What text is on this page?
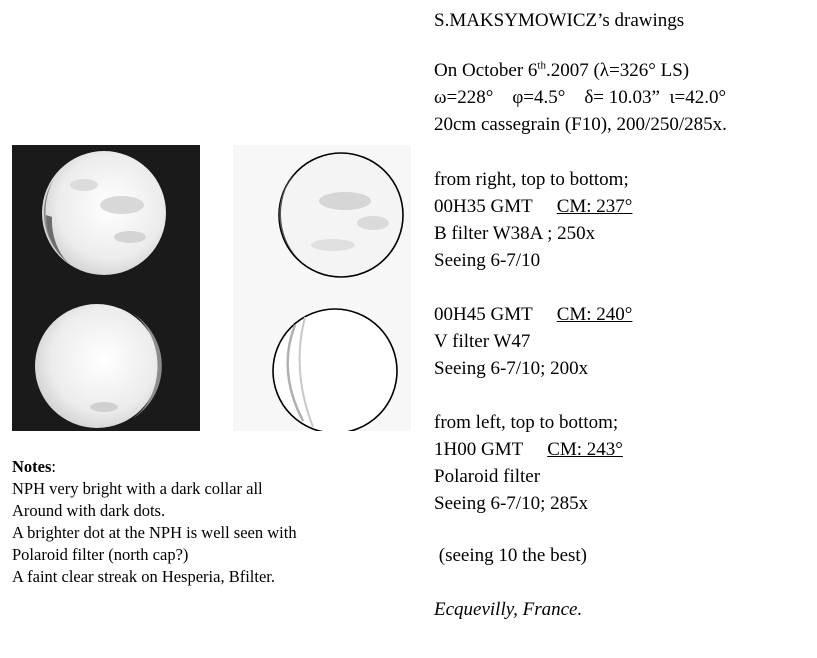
S.MAKSYMOWICZ’s drawings
On October 6th.2007 (λ=326° LS)
ω=228°    φ=4.5°    δ= 10.03”  ι=42.0°
20cm cassegrain (F10), 200/250/285x.
from right, top to bottom;
00H35 GMT CM: 237°
B filter W38A ; 250x
Seeing 6-7/10
00H45 GMT CM: 240°
V filter W47
Seeing 6-7/10; 200x
from left, top to bottom;
1H00 GMT CM: 243°
Polaroid filter
Seeing 6-7/10; 285x
(seeing 10 the best)
Ecquevilly, France.
Notes:
NPH very bright with a dark collar all
Around with dark dots.
A brighter dot at the NPH is well seen with
Polaroid filter (north cap?)
A faint clear streak on Hesperia, Bfilter.
